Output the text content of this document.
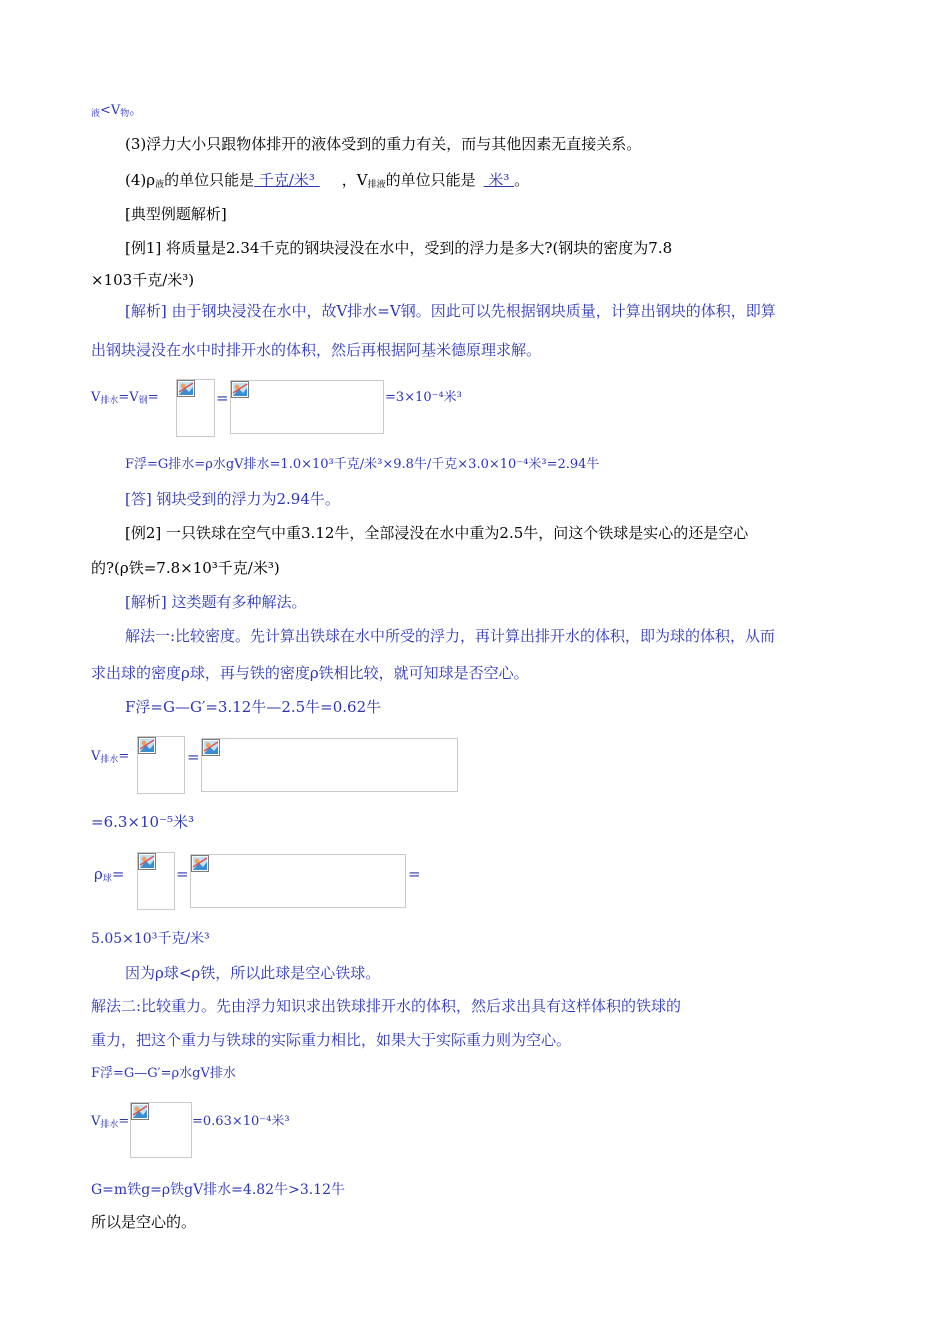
$_液<V_物$。
(3)浮力大小只跟物体排开的液体受到的重力有关，而与其他因素无直接关系。
$(4)\rho_液$的单位只能是 千克/米³ ，$V_{排液}$的单位只能是 米³ 。
[典型例题解析]
[例1] 将质量是2.34千克的钢块浸没在水中，受到的浮力是多大?(钢块的密度为7.8
×103千克/米³)
[解析] 由于钢块浸没在水中，故V排水=V钢。因此可以先根据钢块质量，计算出钢块的体积，即算
出钢块浸没在水中时排开水的体积，然后再根据阿基米德原理求解。
$V_{排水}=V_钢=$	=	=3×10⁻⁴米³
F浮=G排水=ρ水gV排水=1.0×10³千克/米³×9.8牛/千克×3.0×10⁻⁴米³=2.94牛
[答] 钢块受到的浮力为2.94牛。
[例2] 一只铁球在空气中重3.12牛，全部浸没在水中重为2.5牛，问这个铁球是实心的还是空心
的?(ρ铁=7.8×10³千克/米³)
[解析] 这类题有多种解法。
解法一:比较密度。先计算出铁球在水中所受的浮力，再计算出排开水的体积，即为球的体积，从而
求出球的密度ρ球，再与铁的密度ρ铁相比较，就可知球是否空心。
F浮=G—G′=3.12牛—2.5牛=0.62牛
$V_{排水}=$	=
=6.3×10⁻⁵米³
$\rho_球=$	=	=
5.05×10³千克/米³
因为ρ球<ρ铁，所以此球是空心铁球。
解法二:比较重力。先由浮力知识求出铁球排开水的体积，然后求出具有这样体积的铁球的
重力，把这个重力与铁球的实际重力相比，如果大于实际重力则为空心。
F浮=G—G′=ρ水gV排水
$V_{排水}=$	=0.63×10⁻⁴米³
G=m铁g=ρ铁gV排水=4.82牛>3.12牛
所以是空心的。
